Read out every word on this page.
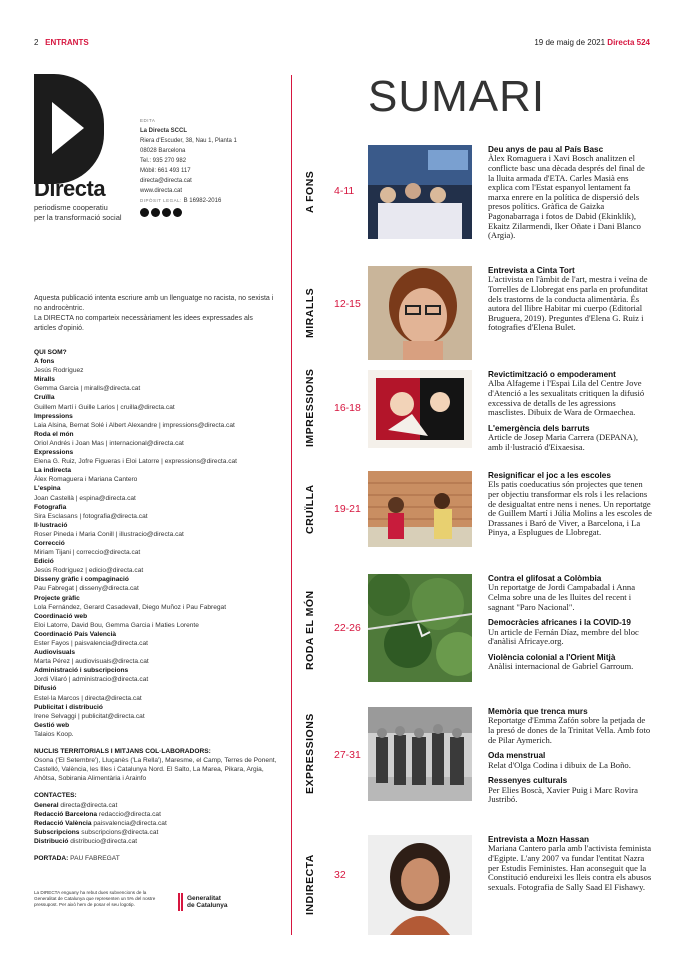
2 ENTRANTS	19 de maig de 2021 Directa 524
Directa
periodisme cooperatiu
per la transformació social
EDITA
La Directa SCCL
Riera d'Escuder, 38, Nau 1, Planta 1
08028 Barcelona
Tel.: 935 270 982
Mòbil: 661 493 117
directa@directa.cat
www.directa.cat
DIPÒSIT LEGAL: B 16982-2016
Aquesta publicació intenta escriure amb un llenguatge no racista, no sexista i no androcèntric.
La DIRECTA no comparteix necessàriament les idees expressades als articles d'opinió.
QUI SOM?
A fons
Jesús Rodríguez
Miralls
Gemma Garcia | miralls@directa.cat
Cruïlla
Guillem Martí i Guille Larios | cruilla@directa.cat
Impressions
Laia Alsina, Bernat Solé i Albert Alexandre | impressions@directa.cat
Roda el món
Oriol Andrés i Joan Mas | internacional@directa.cat
Expressions
Elena G. Ruiz, Jofre Figueras i Eloi Latorre | expressions@directa.cat
La indirecta
Àlex Romaguera i Mariana Cantero
L'espina
Joan Castellà | espina@directa.cat
Fotografia
Sira Esclasans | fotografia@directa.cat
Il·lustració
Roser Pineda i Maria Conill | illustracio@directa.cat
Correcció
Miriam Tijani | correccio@directa.cat
Edició
Jesús Rodríguez | edicio@directa.cat
Disseny gràfic i compaginació
Pau Fabregat | disseny@directa.cat
Projecte gràfic
Lola Fernández, Gerard Casadevall, Diego Muñoz i Pau Fabregat
Coordinació web
Eloi Latorre, David Bou, Gemma Garcia i Maties Lorente
Coordinació País Valencià
Ester Fayos | paisvalencia@directa.cat
Audiovisuals
Marta Pérez | audiovisuals@directa.cat
Administració i subscripcions
Jordi Vilaró | administracio@directa.cat
Difusió
Estel·la Marcos | directa@directa.cat
Publicitat i distribució
Irene Selvaggi | publicitat@directa.cat
Gestió web
Talaios Koop.
NUCLIS TERRITORIALS I MITJANS COL·LABORADORS:
Osona ('El Setembre'), Lluçanès ('La Rella'), Maresme, el Camp, Terres de Ponent, Castelló, València, les Illes i Catalunya Nord. El Salto, La Marea, Pikara, Argia, Ahötsa, Sobirania Alimentària i Arainfo
CONTACTES:
General directa@directa.cat
Redacció Barcelona redaccio@directa.cat
Redacció València paisvalencia@directa.cat
Subscripcions subscripcions@directa.cat
Distribució distribucio@directa.cat
PORTADA: PAU FABREGAT
La DIRECTA enguany ha rebut dues subvencions de la Generalitat de Catalunya que representen un 5% del nostre pressupost. Per això hem de posar el seu logotip.
Generalitat
de Catalunya
SUMARI
A FONS	4-11
Deu anys de pau al País Basc
Àlex Romaguera i Xavi Bosch analitzen el conflicte basc una dècada després del final de la lluita armada d'ETA. Carles Masià ens explica com l'Estat espanyol lentament fa marxa enrere en la política de dispersió dels presos polítics. Gràfica de Gaizka Pagonabarraga i fotos de Dabid (Ekinklik), Ekaitz Zilarmendi, Iker Oñate i Dani Blanco (Argia).
MIRALLS	12-15
Entrevista a Cinta Tort
L'activista en l'àmbit de l'art, mestra i veïna de Torrelles de Llobregat ens parla en profunditat dels trastorns de la conducta alimentària. És autora del llibre Habitar mi cuerpo (Editorial Bruguera, 2019). Preguntes d'Elena G. Ruiz i fotografies d'Elena Bulet.
IMPRESSIONS	16-18
Revictimització o empoderament
Alba Alfageme i l'Espai Lila del Centre Jove d'Atenció a les sexualitats critiquen la difusió excessiva de detalls de les agressions masclistes. Dibuix de Wara de Ormaechea.
L'emergència dels barruts
Article de Josep Maria Carrera (DEPANA), amb il·lustració d'Eixaesisa.
CRUÏLLA	19-21
Resignificar el joc a les escoles
Els patis coeducatius són projectes que tenen per objectiu transformar els rols i les relacions de desigualtat entre nens i nenes. Un reportatge de Guillem Martí i Júlia Molins a les escoles de Drassanes i Baró de Viver, a Barcelona, i La Pinya, a Esplugues de Llobregat.
RODA EL MÓN	22-26
Contra el glifosat a Colòmbia
Un reportatge de Jordi Campabadal i Anna Celma sobre una de les lluites del recent i sagnant "Paro Nacional".
Democràcies africanes i la COVID-19
Un article de Fernán Díaz, membre del bloc d'anàlisi Africaye.org.
Violència colonial a l'Orient Mitjà
Anàlisi internacional de Gabriel Garroum.
EXPRESSIONS	27-31
Memòria que trenca murs
Reportatge d'Emma Zafón sobre la petjada de la presó de dones de la Trinitat Vella. Amb foto de Pilar Aymerich.
Oda menstrual
Relat d'Olga Codina i dibuix de La Boño.
Ressenyes culturals
Per Elies Boscà, Xavier Puig i Marc Rovira Justribó.
INDIRECTA	32
Entrevista a Mozn Hassan
Mariana Cantero parla amb l'activista feminista d'Egipte. L'any 2007 va fundar l'entitat Nazra per Estudis Feministes. Han aconseguit que la Constitució endureixi les lleis contra els abusos sexuals. Fotografia de Sally Saad El Fishawy.
